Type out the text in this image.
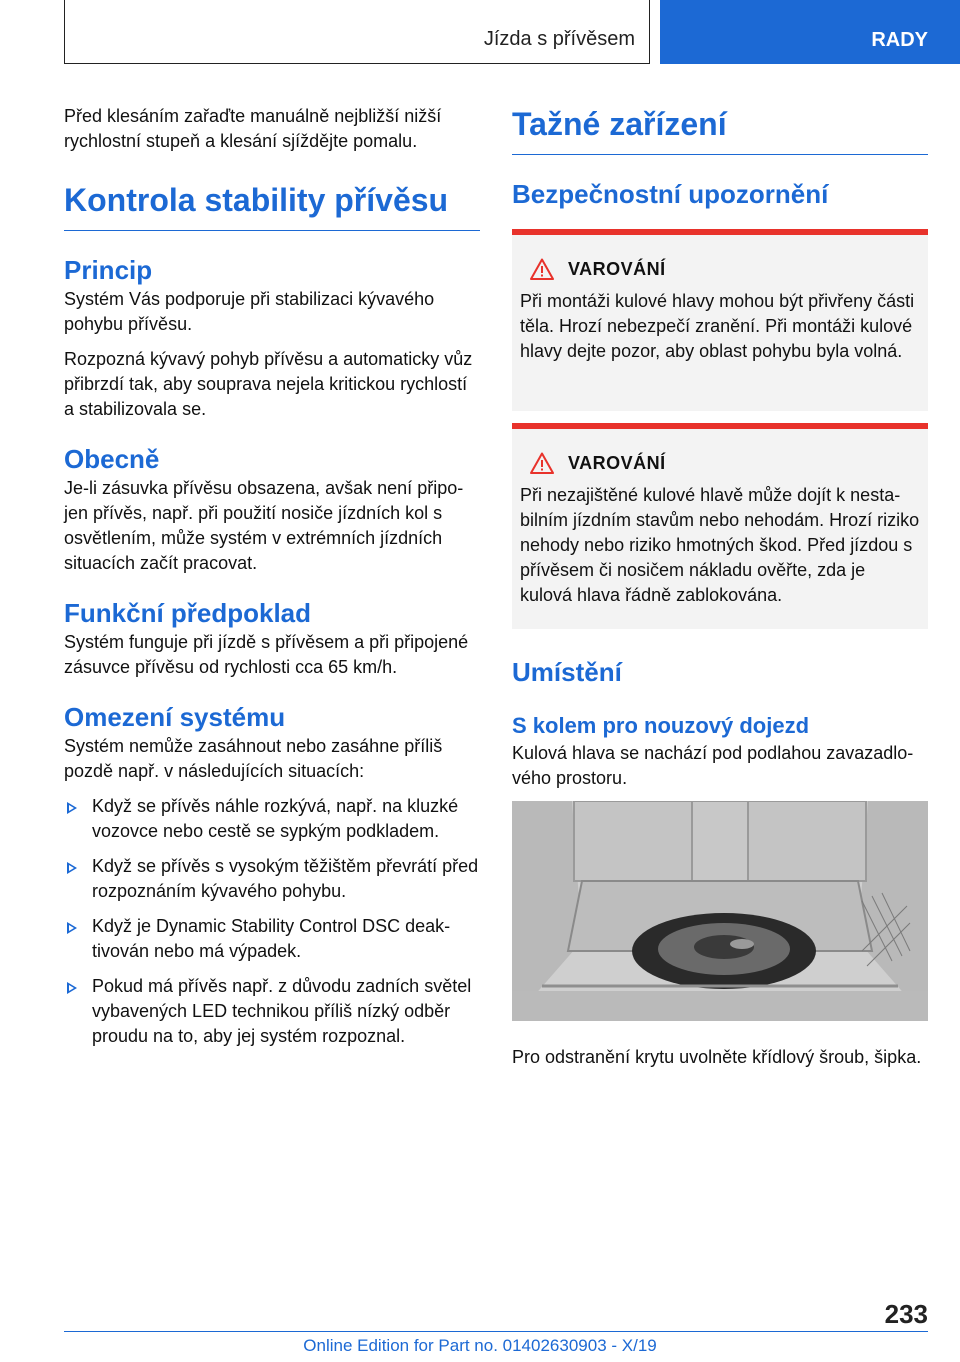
Jízda s přívěsem	RADY

Před klesáním zařaďte manuálně nejbližší nižší rychlostní stupeň a klesání sjíždějte pomalu.

Kontrola stability přívěsu
Princip

Systém Vás podporuje při stabilizaci kývavého pohybu přívěsu.

Rozpozná kývavý pohyb přívěsu a automaticky vůz přibrzdí tak, aby souprava nejela kritickou rychlostí a stabilizovala se.

Obecně

Je-li zásuvka přívěsu obsazena, avšak není připojen přívěs, např. při použití nosiče jízdních kol s osvětlením, může systém v extrémních jízdních situacích začít pracovat.

Funkční předpoklad

Systém funguje při jízdě s přívěsem a při připojené zásuvce přívěsu od rychlosti cca 65 km/h.

Omezení systému

Systém nemůže zasáhnout nebo zasáhne příliš pozdě např. v následujících situacích:

Když se přívěs náhle rozkývá, např. na kluzké vozovce nebo cestě se sypkým podkladem.
Když se přívěs s vysokým těžištěm převrátí před rozpoznáním kývavého pohybu.
Když je Dynamic Stability Control DSC deaktivován nebo má výpadek.
Pokud má přívěs např. z důvodu zadních světel vybavených LED technikou příliš nízký odběr proudu na to, aby jej systém rozpoznal.
Tažné zařízení
Bezpečnostní upozornění
VAROVÁNÍ

Při montáži kulové hlavy mohou být přivřeny části těla. Hrozí nebezpečí zranění. Při montáži kulové hlavy dejte pozor, aby oblast pohybu byla volná.

VAROVÁNÍ

Při nezajištěné kulové hlavě může dojít k nestabilním jízdním stavům nebo nehodám. Hrozí riziko nehody nebo riziko hmotných škod. Před jízdou s přívěsem či nosičem nákladu ověřte, zda je kulová hlava řádně zablokována.

Umístění
S kolem pro nouzový dojezd

Kulová hlava se nachází pod podlahou zavazadlového prostoru.

Pro odstranění krytu uvolněte křídlový šroub, šipka.

233
Online Edition for Part no. 01402630903 - X/19
